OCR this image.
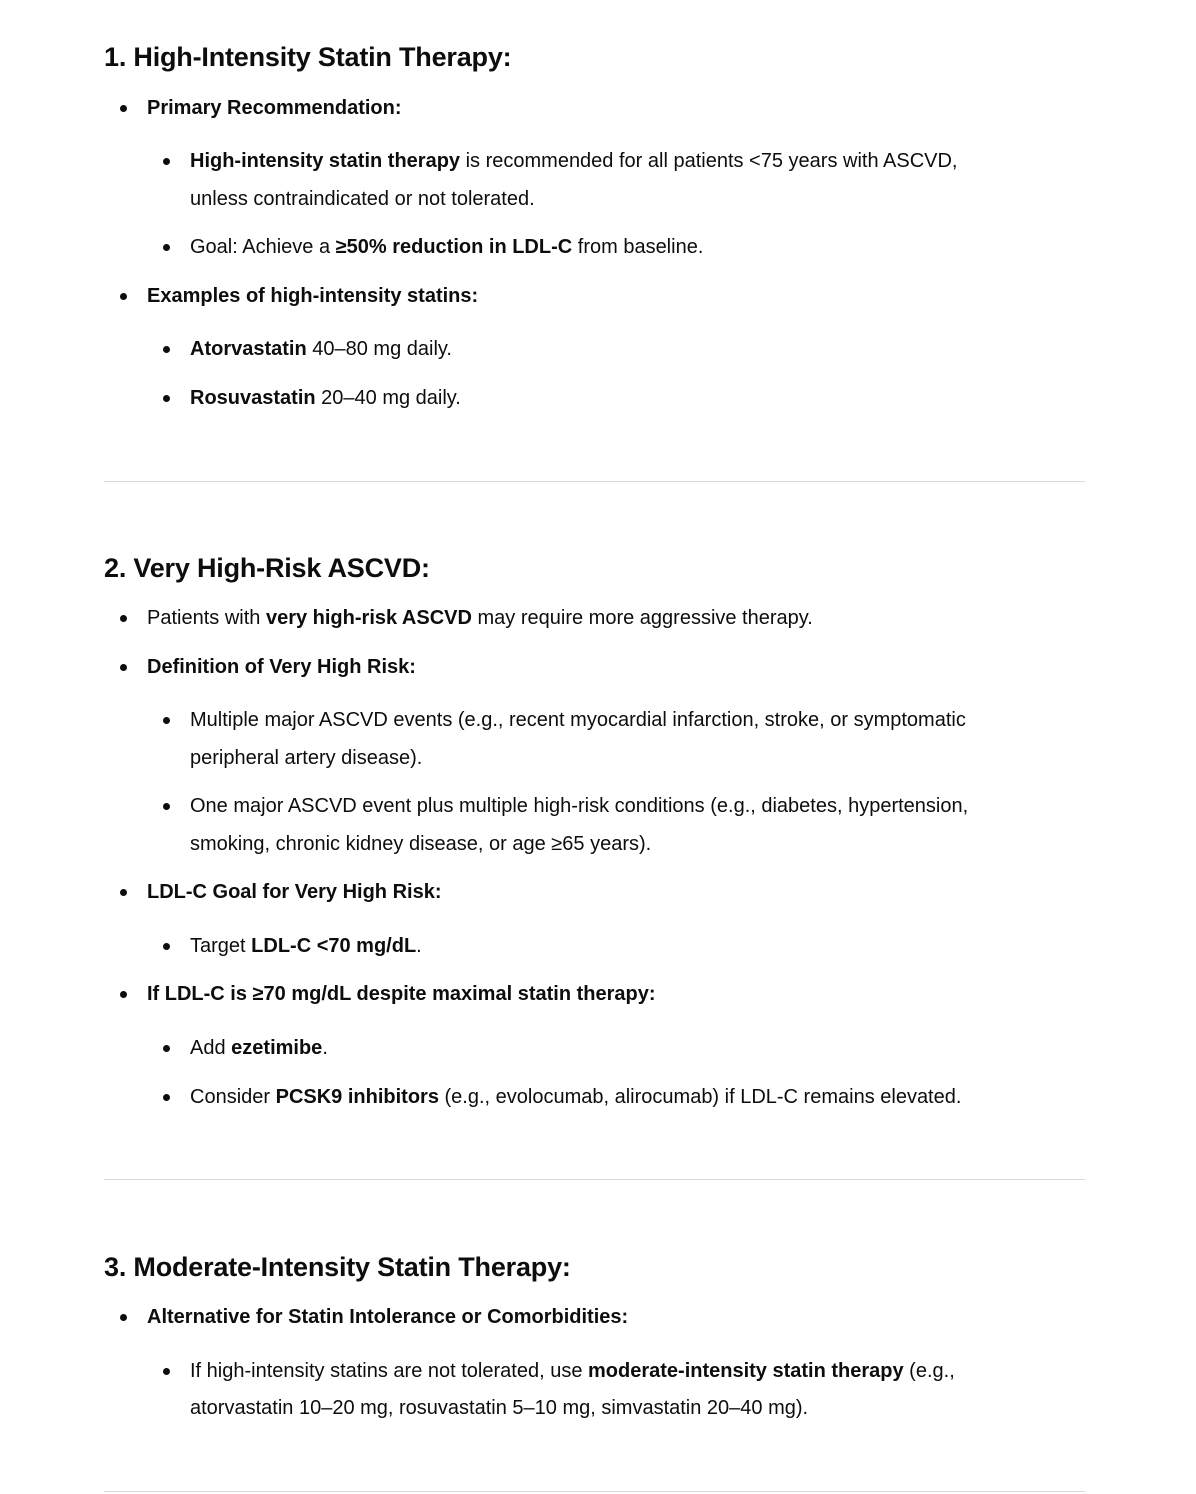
1. High-Intensity Statin Therapy:
Primary Recommendation:
High-intensity statin therapy is recommended for all patients <75 years with ASCVD,
unless contraindicated or not tolerated.
Goal: Achieve a ≥50% reduction in LDL-C from baseline.
Examples of high-intensity statins:
Atorvastatin 40–80 mg daily.
Rosuvastatin 20–40 mg daily.
2. Very High-Risk ASCVD:
Patients with very high-risk ASCVD may require more aggressive therapy.
Definition of Very High Risk:
Multiple major ASCVD events (e.g., recent myocardial infarction, stroke, or symptomatic
peripheral artery disease).
One major ASCVD event plus multiple high-risk conditions (e.g., diabetes, hypertension,
smoking, chronic kidney disease, or age ≥65 years).
LDL-C Goal for Very High Risk:
Target LDL-C <70 mg/dL.
If LDL-C is ≥70 mg/dL despite maximal statin therapy:
Add ezetimibe.
Consider PCSK9 inhibitors (e.g., evolocumab, alirocumab) if LDL-C remains elevated.
3. Moderate-Intensity Statin Therapy:
Alternative for Statin Intolerance or Comorbidities:
If high-intensity statins are not tolerated, use moderate-intensity statin therapy (e.g.,
atorvastatin 10–20 mg, rosuvastatin 5–10 mg, simvastatin 20–40 mg).
